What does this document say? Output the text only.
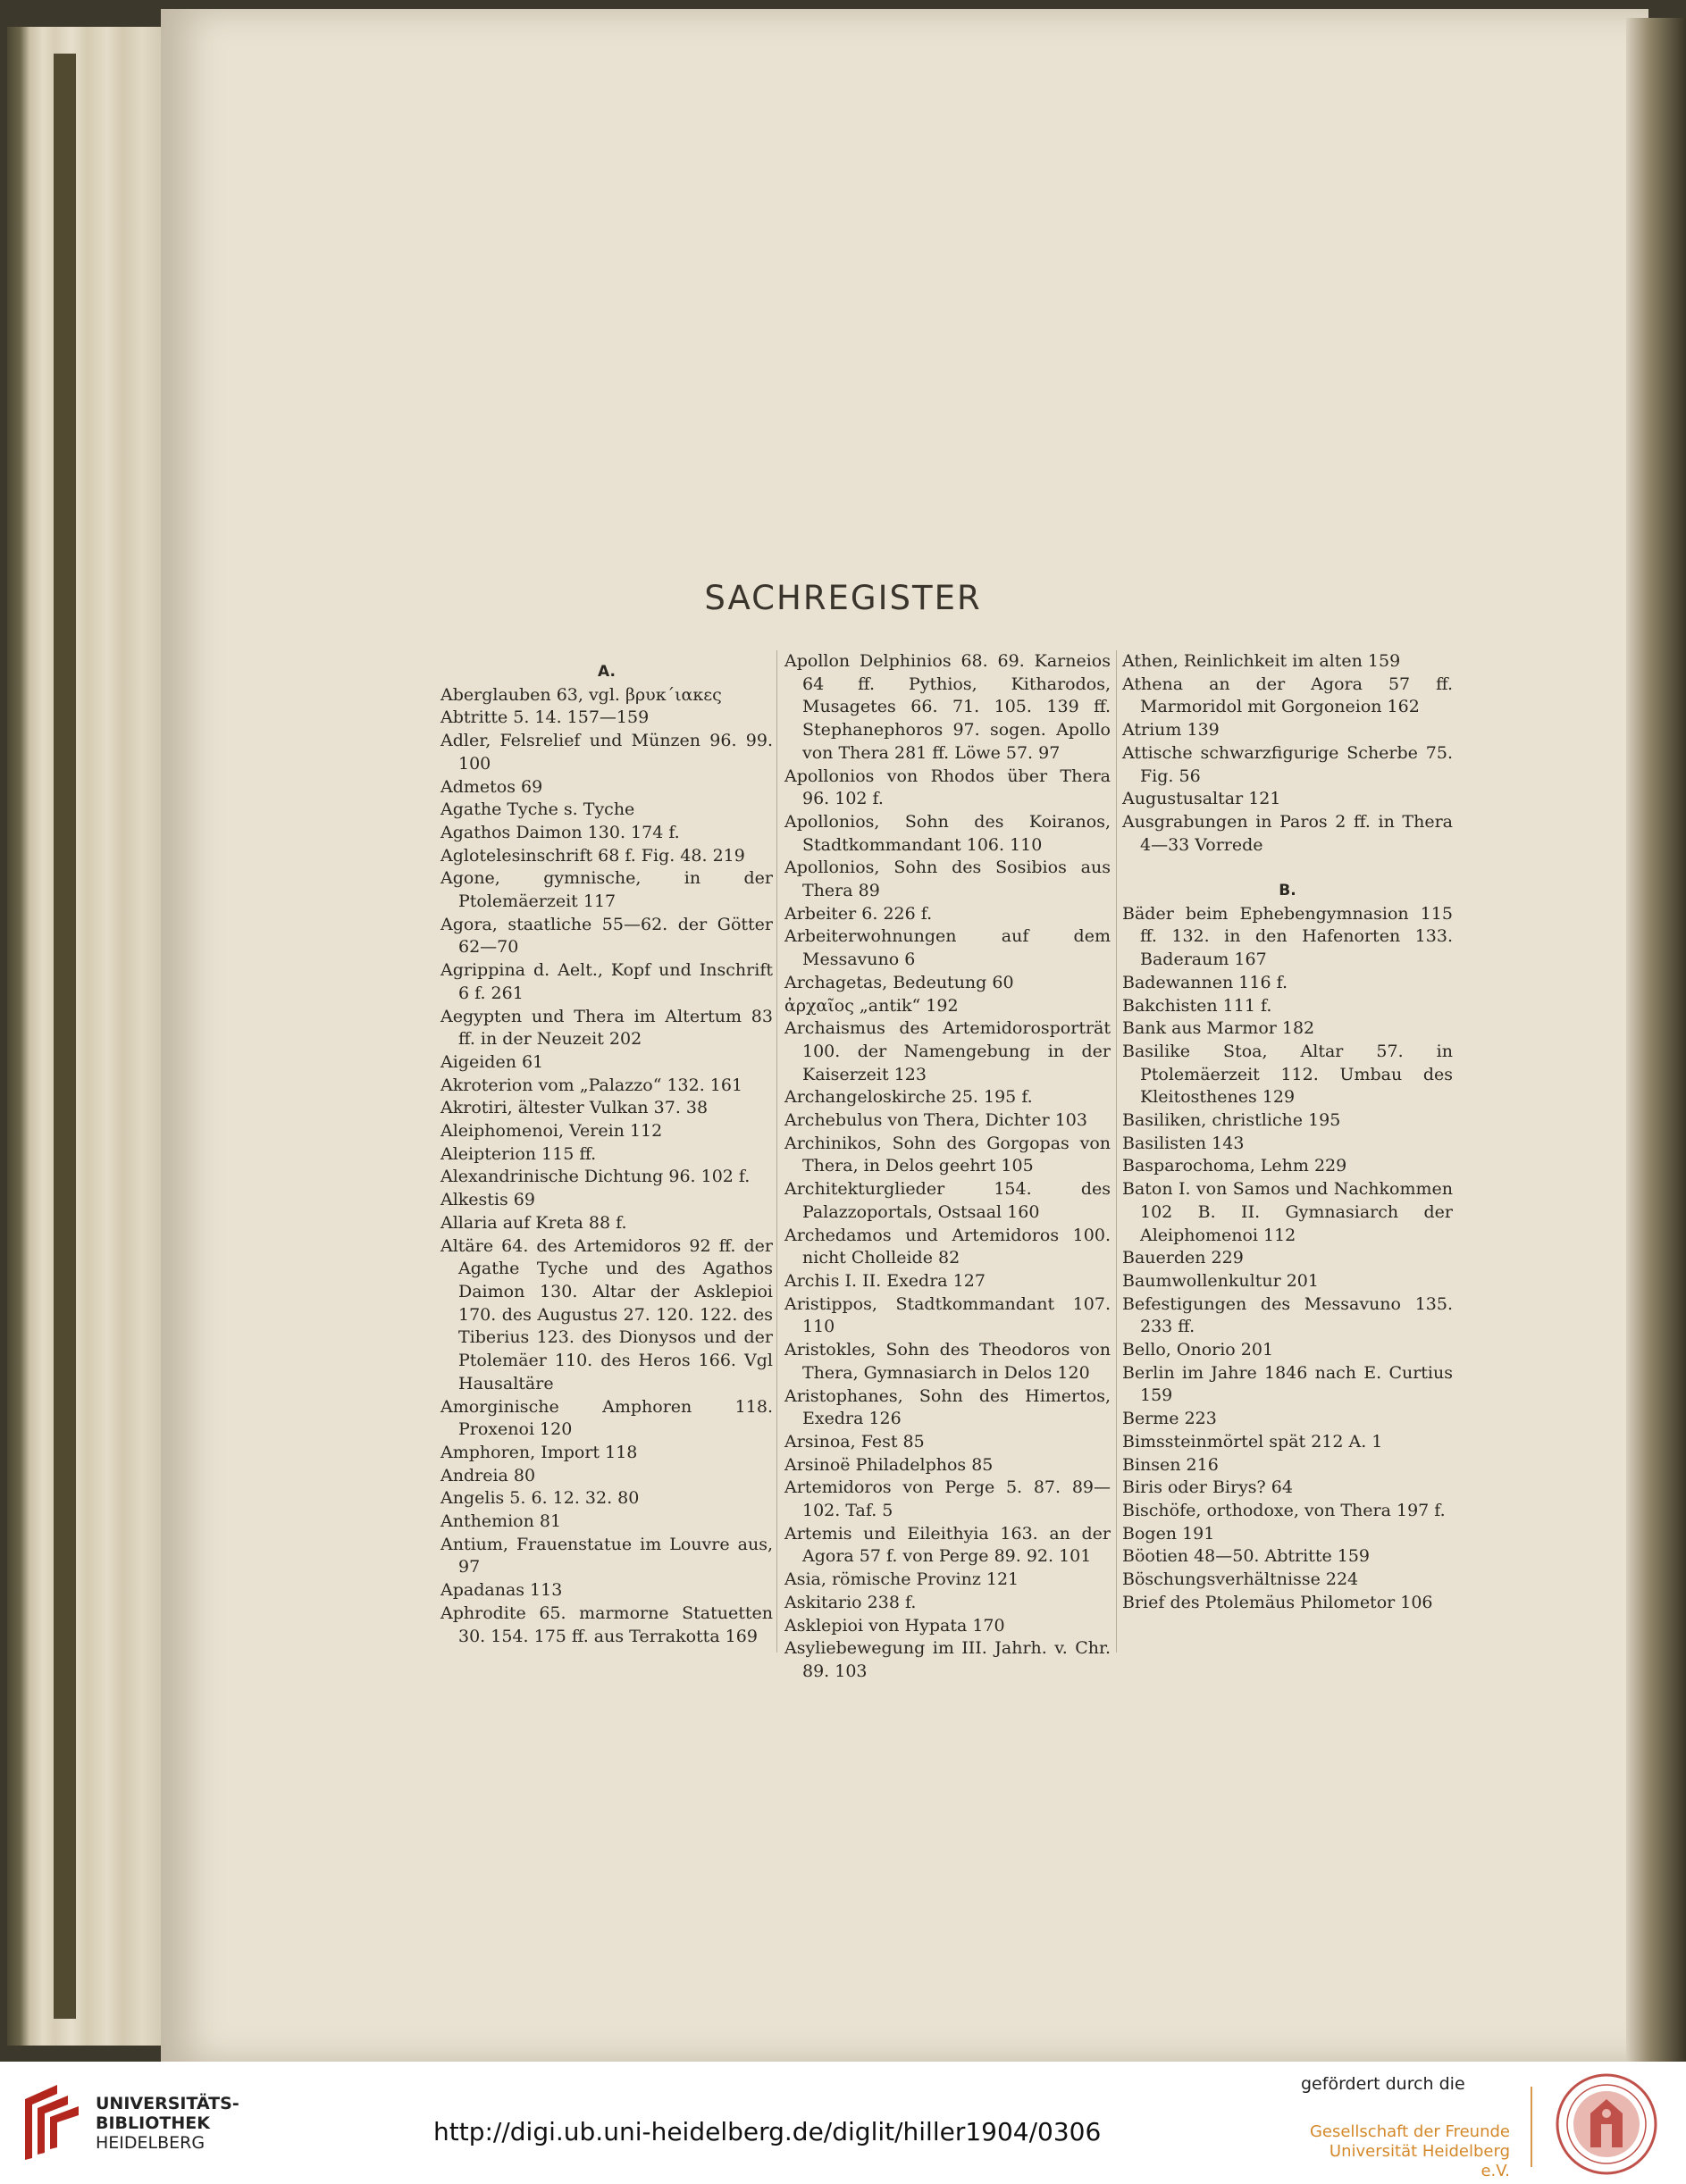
SACHREGISTER
A.
Aberglauben 63, vgl. βρυκ΄ιακες
Abtritte 5. 14. 157—159
Adler, Felsrelief und Münzen 96. 99. 100
Admetos 69
Agathe Tyche s. Tyche
Agathos Daimon 130. 174 f.
Aglotelesinschrift 68 f. Fig. 48. 219
Agone, gymnische, in der Ptolemäerzeit 117
Agora, staatliche 55—62. der Götter 62—70
Agrippina d. Aelt., Kopf und Inschrift 6 f. 261
Aegypten und Thera im Altertum 83 ff. in der Neuzeit 202
Aigeiden 61
Akroterion vom „Palazzo“ 132. 161
Akrotiri, ältester Vulkan 37. 38
Aleiphomenoi, Verein 112
Aleipterion 115 ff.
Alexandrinische Dichtung 96. 102 f.
Alkestis 69
Allaria auf Kreta 88 f.
Altäre 64. des Artemidoros 92 ff. der Agathe Tyche und des Agathos Daimon 130. Altar der Asklepioi 170. des Augustus 27. 120. 122. des Tiberius 123. des Dionysos und der Ptolemäer 110. des Heros 166. Vgl Hausaltäre
Amorginische Amphoren 118. Proxenoi 120
Amphoren, Import 118
Andreia 80
Angelis 5. 6. 12. 32. 80
Anthemion 81
Antium, Frauenstatue im Louvre aus, 97
Apadanas 113
Aphrodite 65. marmorne Statuetten 30. 154. 175 ff. aus Terrakotta 169
Apollon Delphinios 68. 69. Karneios 64 ff. Pythios, Kitharodos, Musagetes 66. 71. 105. 139 ff. Stephanephoros 97. sogen. Apollo von Thera 281 ff. Löwe 57. 97
Apollonios von Rhodos über Thera 96. 102 f.
Apollonios, Sohn des Koiranos, Stadtkommandant 106. 110
Apollonios, Sohn des Sosibios aus Thera 89
Arbeiter 6. 226 f.
Arbeiterwohnungen auf dem Messavuno 6
Archagetas, Bedeutung 60
ἀρχαῖος „antik“ 192
Archaismus des Artemidorosporträt 100. der Namengebung in der Kaiserzeit 123
Archangeloskirche 25. 195 f.
Archebulus von Thera, Dichter 103
Archinikos, Sohn des Gorgopas von Thera, in Delos geehrt 105
Architekturglieder 154. des Palazzoportals, Ostsaal 160
Archedamos und Artemidoros 100. nicht Cholleide 82
Archis I. II. Exedra 127
Aristippos, Stadtkommandant 107. 110
Aristokles, Sohn des Theodoros von Thera, Gymnasiarch in Delos 120
Aristophanes, Sohn des Himertos, Exedra 126
Arsinoa, Fest 85
Arsinoë Philadelphos 85
Artemidoros von Perge 5. 87. 89—102. Taf. 5
Artemis und Eileithyia 163. an der Agora 57 f. von Perge 89. 92. 101
Asia, römische Provinz 121
Askitario 238 f.
Asklepioi von Hypata 170
Asyliebewegung im III. Jahrh. v. Chr. 89. 103
Athen, Reinlichkeit im alten 159
Athena an der Agora 57 ff. Marmoridol mit Gorgoneion 162
Atrium 139
Attische schwarzfigurige Scherbe 75. Fig. 56
Augustusaltar 121
Ausgrabungen in Paros 2 ff. in Thera 4—33 Vorrede
B.
Bäder beim Ephebengymnasion 115 ff. 132. in den Hafenorten 133. Baderaum 167
Badewannen 116 f.
Bakchisten 111 f.
Bank aus Marmor 182
Basilike Stoa, Altar 57. in Ptolemäerzeit 112. Umbau des Kleitosthenes 129
Basiliken, christliche 195
Basilisten 143
Basparochoma, Lehm 229
Baton I. von Samos und Nachkommen 102 B. II. Gymnasiarch der Aleiphomenoi 112
Bauerden 229
Baumwollenkultur 201
Befestigungen des Messavuno 135. 233 ff.
Bello, Onorio 201
Berlin im Jahre 1846 nach E. Curtius 159
Berme 223
Bimssteinmörtel spät 212 A. 1
Binsen 216
Biris oder Birys? 64
Bischöfe, orthodoxe, von Thera 197 f.
Bogen 191
Böotien 48—50. Abtritte 159
Böschungsverhältnisse 224
Brief des Ptolemäus Philometor 106
UNIVERSITÄTS-
BIBLIOTHEK
HEIDELBERG	http://digi.ub.uni-heidelberg.de/diglit/hiller1904/0306
gefördert durch die
Gesellschaft der Freunde
Universität Heidelberg e.V.
